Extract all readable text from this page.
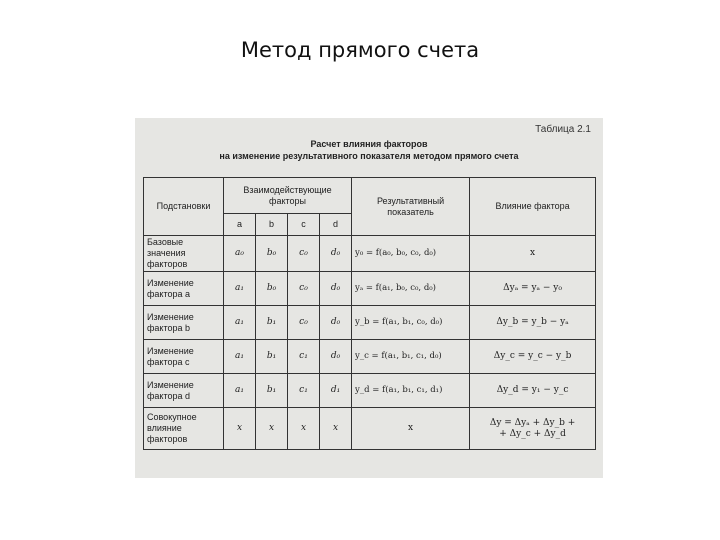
Метод прямого счета
Таблица 2.1
Расчет влияния факторов
на изменение результативного показателя методом прямого счета
Подстановки	Взаимодействующие факторы				Результативный показатель	Влияние фактора
	a	b	c	d		
Базовые значения факторов	a₀	b₀	c₀	d₀	y₀ = f(a₀, b₀, c₀, d₀)	x
Изменение фактора a	a₁	b₀	c₀	d₀	yₐ = f(a₁, b₀, c₀, d₀)	Δyₐ = yₐ − y₀
Изменение фактора b	a₁	b₁	c₀	d₀	y_b = f(a₁, b₁, c₀, d₀)	Δy_b = y_b − yₐ
Изменение фактора c	a₁	b₁	c₁	d₀	y_c = f(a₁, b₁, c₁, d₀)	Δy_c = y_c − y_b
Изменение фактора d	a₁	b₁	c₁	d₁	y_d = f(a₁, b₁, c₁, d₁)	Δy_d = y₁ − y_c
Совокупное влияние факторов	x	x	x	x	x	Δy = Δyₐ + Δy_b +
+ Δy_c + Δy_d
